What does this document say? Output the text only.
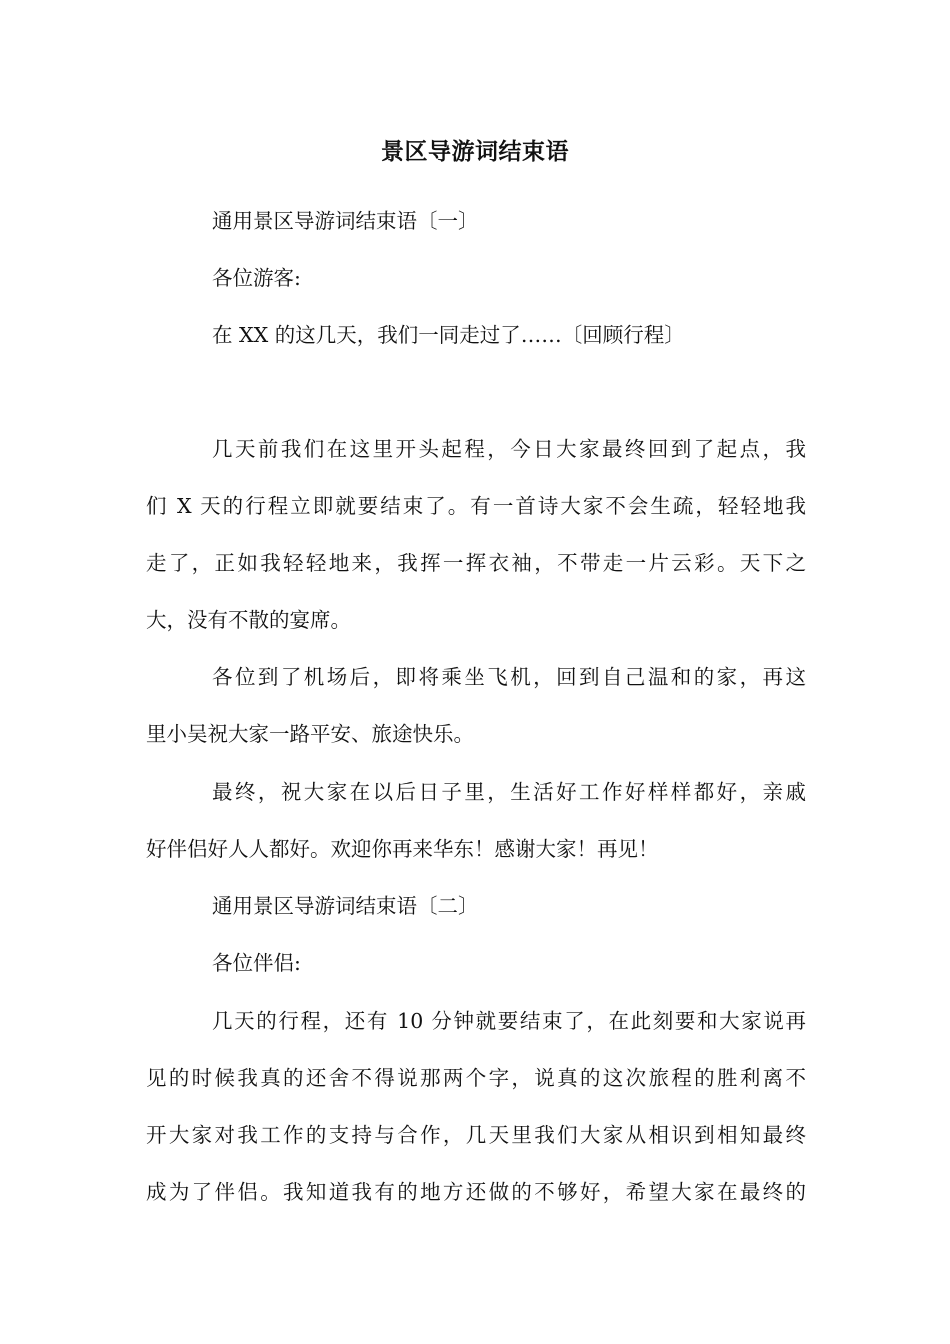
景区导游词结束语
通用景区导游词结束语〔一〕
各位游客:
在 XX 的这几天，我们一同走过了……〔回顾行程〕
几天前我们在这里开头起程，今日大家最终回到了起点，我
们 X 天的行程立即就要结束了。有一首诗大家不会生疏，轻轻地我
走了，正如我轻轻地来，我挥一挥衣袖，不带走一片云彩。天下之
大，没有不散的宴席。
各位到了机场后，即将乘坐飞机，回到自己温和的家，再这
里小吴祝大家一路平安、旅途快乐。
最终，祝大家在以后日子里，生活好工作好样样都好，亲戚
好伴侣好人人都好。欢迎你再来华东！感谢大家！再见！
通用景区导游词结束语〔二〕
各位伴侣:
几天的行程，还有 10 分钟就要结束了，在此刻要和大家说再
见的时候我真的还舍不得说那两个字，说真的这次旅程的胜利离不
开大家对我工作的支持与合作，几天里我们大家从相识到相知最终
成为了伴侣。我知道我有的地方还做的不够好，希望大家在最终的
